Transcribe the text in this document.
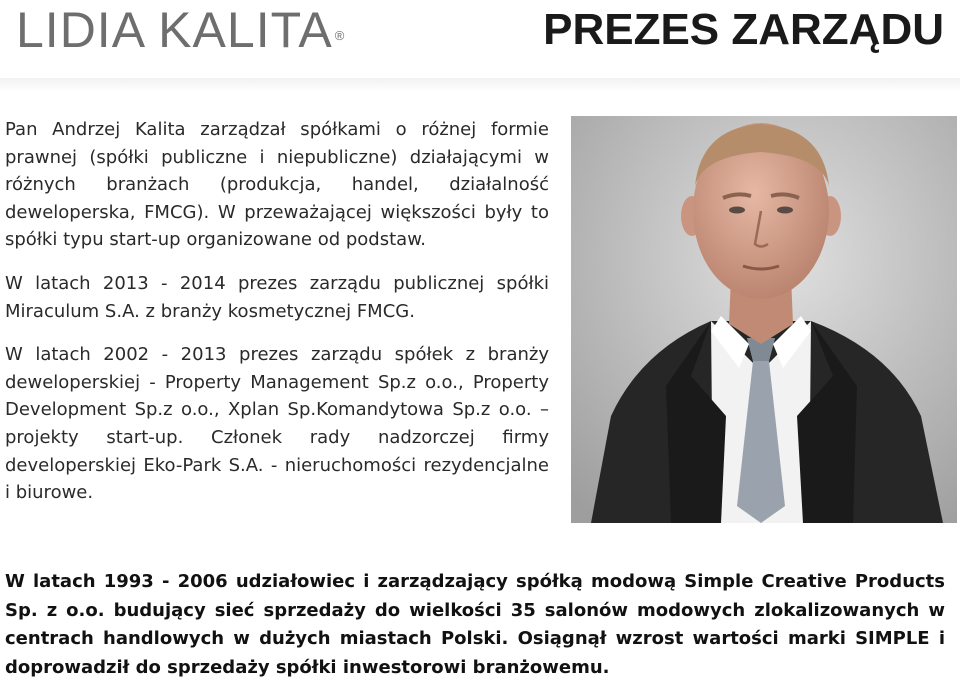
LIDIA KALITA ®	PREZES ZARZĄDU

Pan Andrzej Kalita zarządzał spółkami o różnej formie prawnej (spółki publiczne i niepubliczne) działającymi w różnych branżach (produkcja, handel, działalność deweloperska, FMCG). W przeważającej większości były to spółki typu start-up organizowane od podstaw.

W latach 2013 - 2014 prezes zarządu publicznej spółki Miraculum S.A. z branży kosmetycznej FMCG.

W latach 2002 - 2013 prezes zarządu spółek z branży deweloperskiej - Property Management Sp.z o.o., Property Development Sp.z o.o., Xplan Sp.Komandytowa Sp.z o.o. – projekty start-up. Członek rady nadzorczej firmy developerskiej Eko-Park S.A. - nieruchomości rezydencjalne i biurowe.

W latach 1993 - 2006 udziałowiec i zarządzający spółką modową Simple Creative Products Sp. z o.o. budujący sieć sprzedaży do wielkości 35 salonów modowych zlokalizowanych w centrach handlowych w dużych miastach Polski. Osiągnął wzrost wartości marki SIMPLE i doprowadził do sprzedaży spółki inwestorowi branżowemu.
